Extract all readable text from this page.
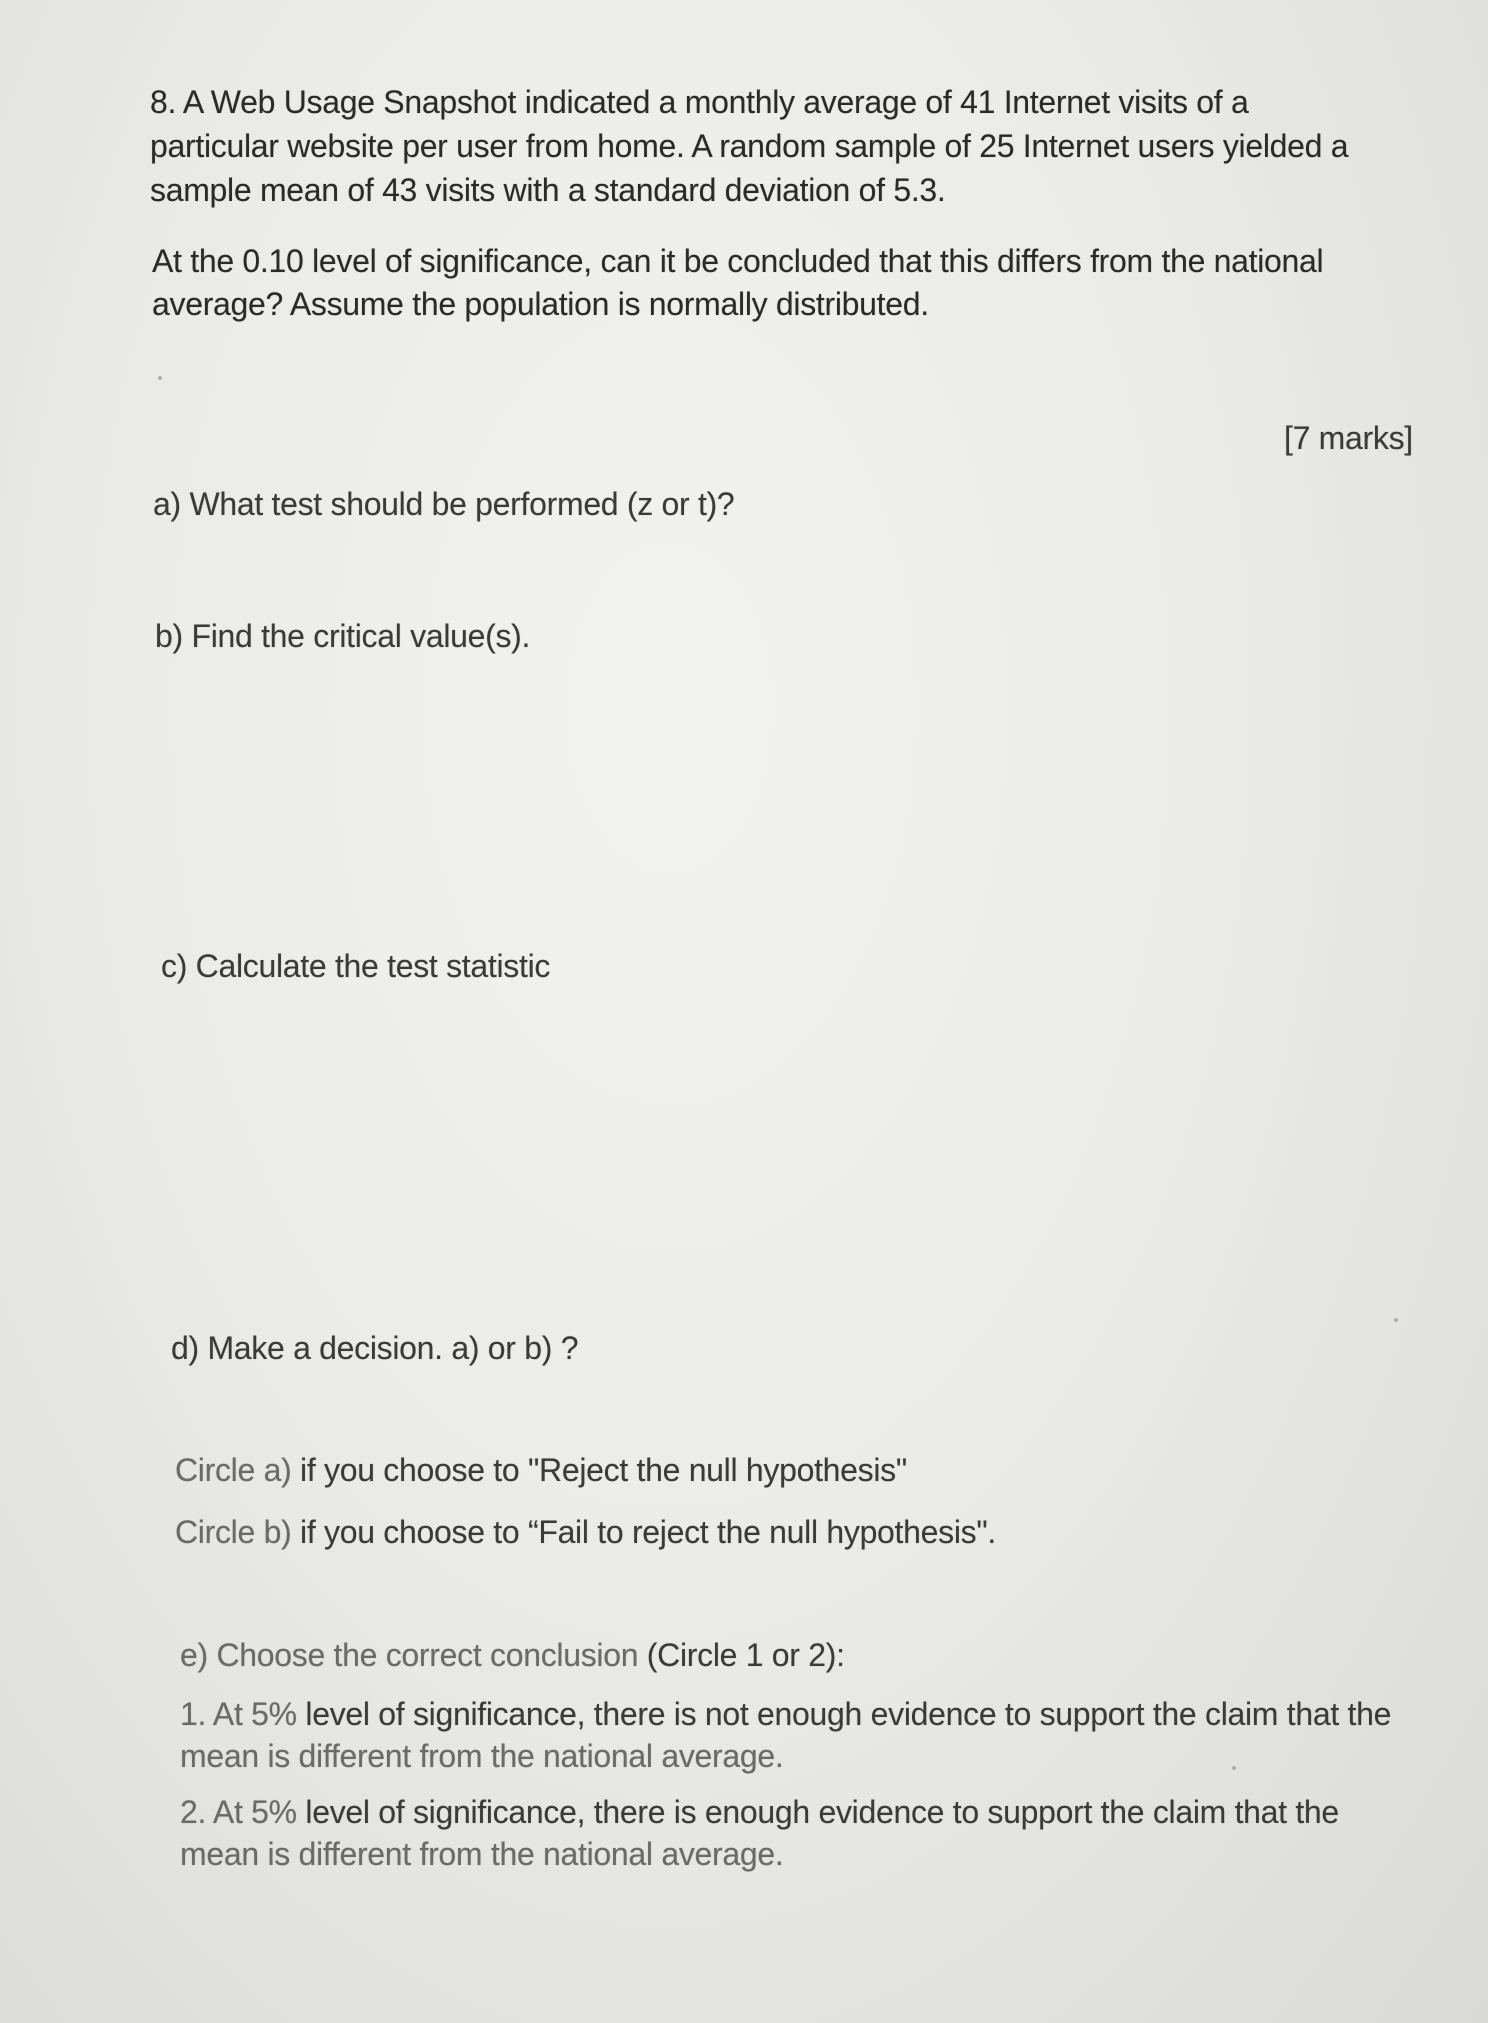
8. A Web Usage Snapshot indicated a monthly average of 41 Internet visits of a

particular website per user from home. A random sample of 25 Internet users yielded a

sample mean of 43 visits with a standard deviation of 5.3.

At the 0.10 level of significance, can it be concluded that this differs from the national

average? Assume the population is normally distributed.

[7 marks]

a) What test should be performed (z or t)?

b) Find the critical value(s).

c) Calculate the test statistic

d) Make a decision. a) or b) ?

Circle a) if you choose to "Reject the null hypothesis"

Circle b) if you choose to “Fail to reject the null hypothesis".

e) Choose the correct conclusion (Circle 1 or 2):

1. At 5% level of significance, there is not enough evidence to support the claim that the

mean is different from the national average.

2. At 5% level of significance, there is enough evidence to support the claim that the

mean is different from the national average.
